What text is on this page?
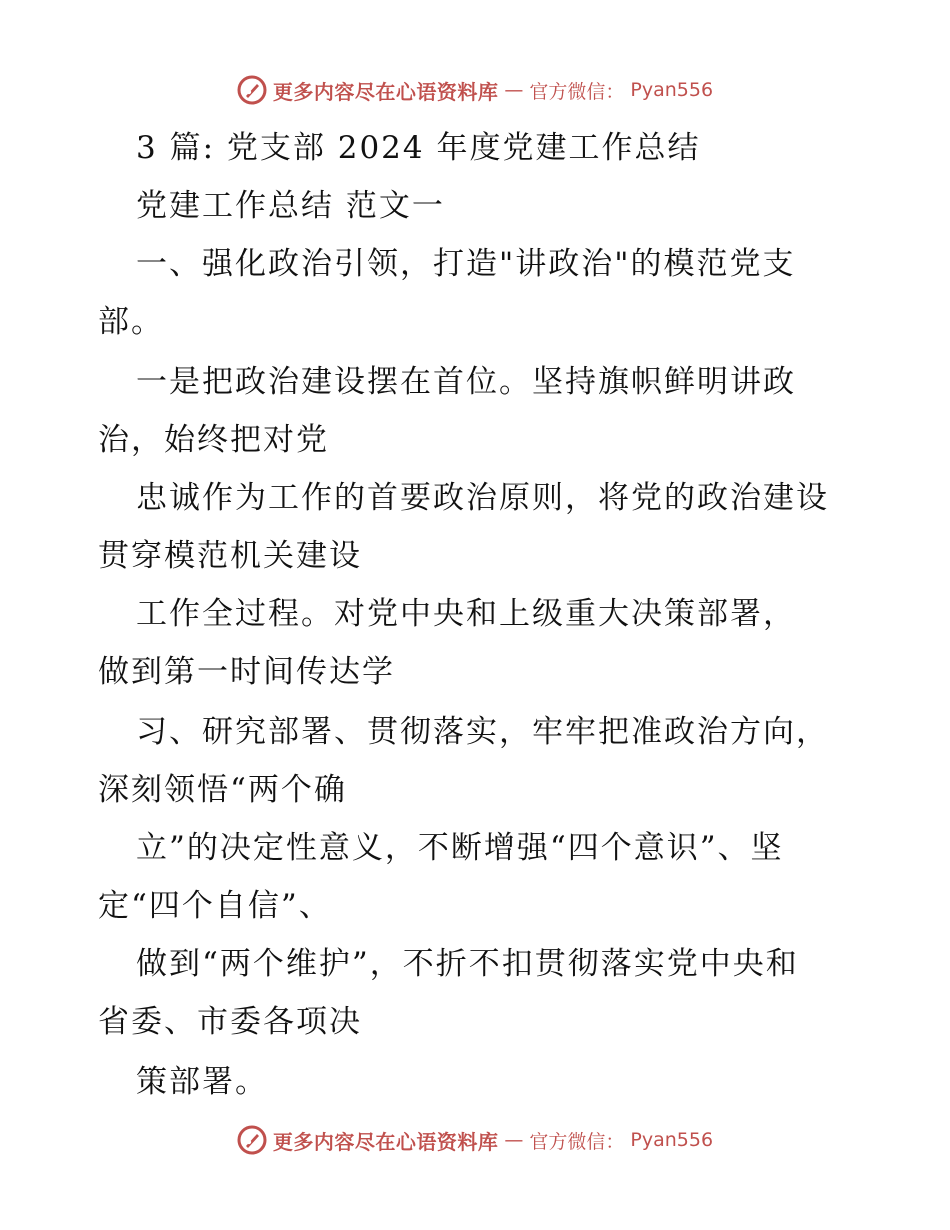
更多内容尽在心语资料库 — 官方微信： Pyan556
3 篇: 党支部 2024 年度党建工作总结
党建工作总结 范文一
一、强化政治引领，打造"讲政治"的模范党支
部。
一是把政治建设摆在首位。坚持旗帜鲜明讲政
治，始终把对党
忠诚作为工作的首要政治原则，将党的政治建设
贯穿模范机关建设
工作全过程。对党中央和上级重大决策部署，
做到第一时间传达学
习、研究部署、贯彻落实，牢牢把准政治方向，
深刻领悟“两个确
立”的决定性意义，不断增强“四个意识”、坚
定“四个自信”、
做到“两个维护”，不折不扣贯彻落实党中央和
省委、市委各项决
策部署。
更多内容尽在心语资料库 — 官方微信： Pyan556
